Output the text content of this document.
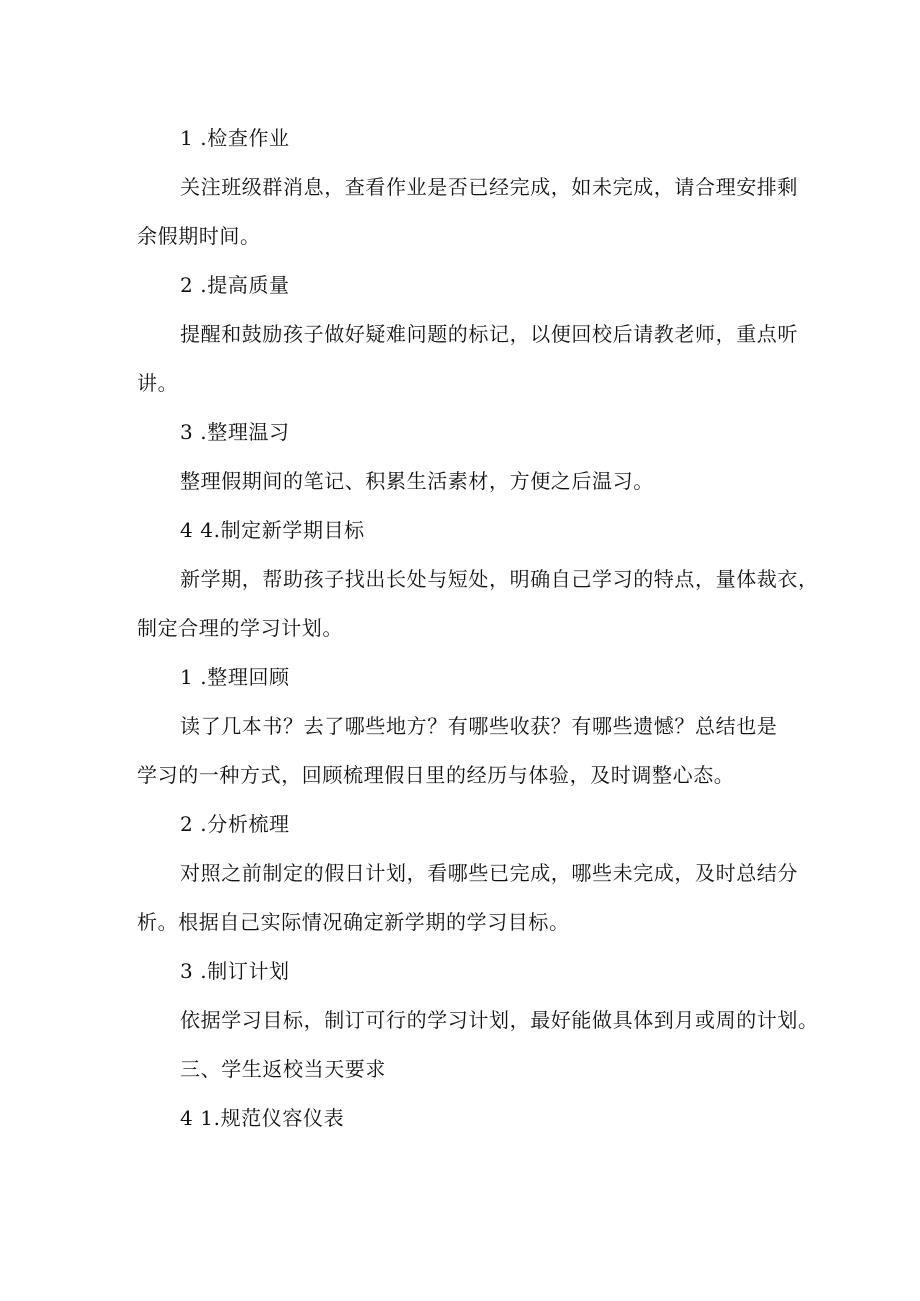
1 .检查作业
关注班级群消息，查看作业是否已经完成，如未完成，请合理安排剩
余假期时间。
2 .提高质量
提醒和鼓励孩子做好疑难问题的标记，以便回校后请教老师，重点听
讲。
3 .整理温习
整理假期间的笔记、积累生活素材，方便之后温习。
4 4.制定新学期目标
新学期，帮助孩子找出长处与短处，明确自己学习的特点，量体裁衣，
制定合理的学习计划。
1 .整理回顾
读了几本书？去了哪些地方？有哪些收获？有哪些遗憾？总结也是
学习的一种方式，回顾梳理假日里的经历与体验，及时调整心态。
2 .分析梳理
对照之前制定的假日计划，看哪些已完成，哪些未完成，及时总结分
析。根据自己实际情况确定新学期的学习目标。
3 .制订计划
依据学习目标，制订可行的学习计划，最好能做具体到月或周的计划。
三、学生返校当天要求
4 1.规范仪容仪表
